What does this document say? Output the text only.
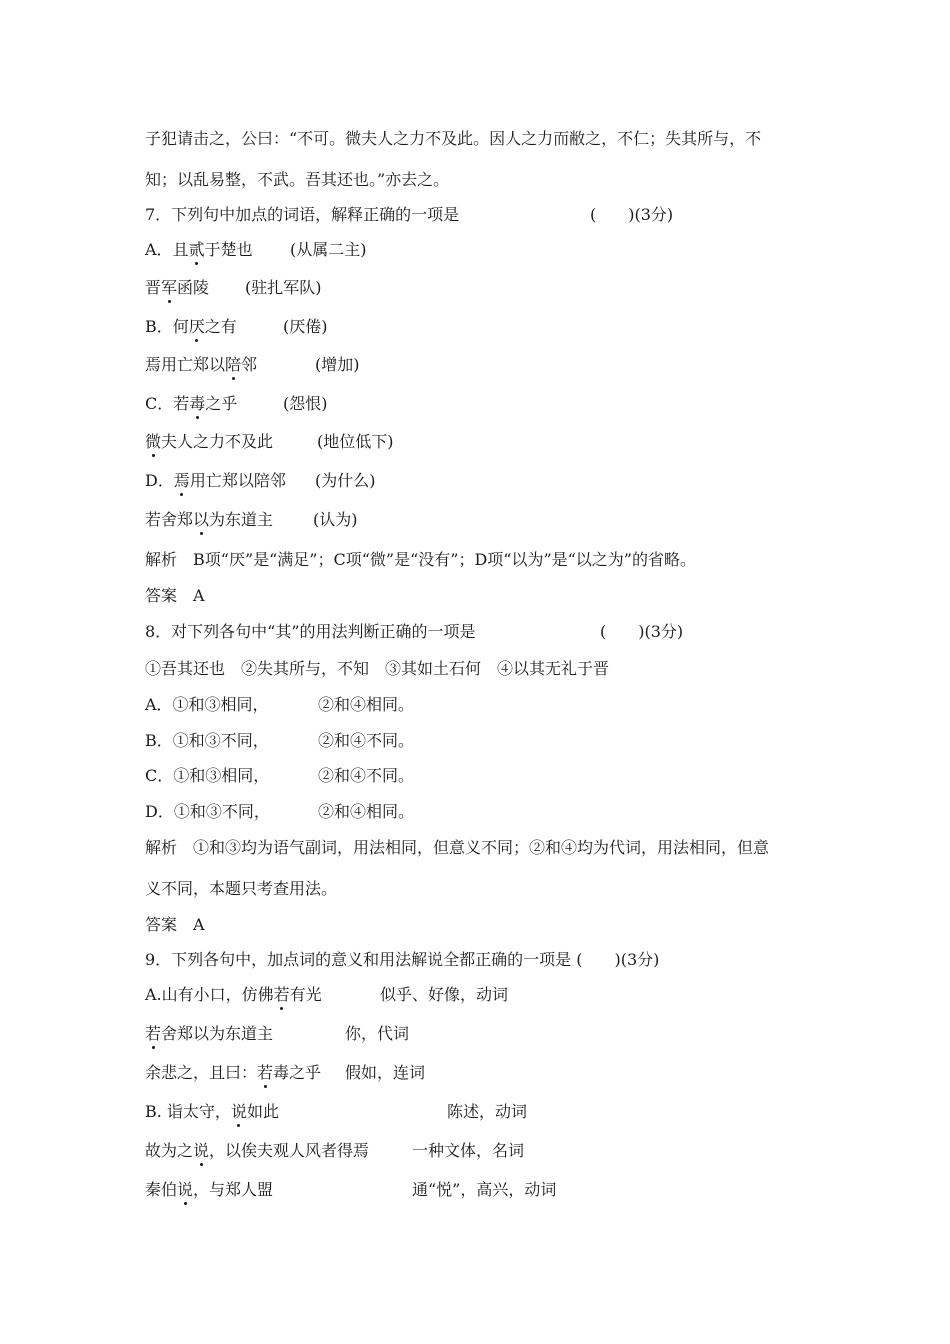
子犯请击之，公曰：“不可。微夫人之力不及此。因人之力而敝之，不仁；失其所与，不
知；以乱易整，不武。吾其还也。”亦去之。
7．下列句中加点的词语，解释正确的一项是	(　　)(3分)
A．且贰于楚也 (从属二主)
晋军函陵 (驻扎军队)
B．何厌之有	(厌倦)
焉用亡郑以陪邻	(增加)
C．若毒之乎	(怨恨)
微夫人之力不及此	(地位低下)
D．焉用亡郑以陪邻 (为什么)
若舍郑以为东道主 (认为)
解析　B项“厌”是“满足”；C项“微”是“没有”；D项“以为”是“以之为”的省略。
答案　A
8．对下列各句中“其”的用法判断正确的一项是	(　　)(3分)
①吾其还也　②失其所与，不知　③其如土石何　④以其无礼于晋
A．①和③相同，	②和④相同。
B．①和③不同，	②和④不同。
C．①和③相同，	②和④不同。
D．①和③不同，	②和④相同。
解析　①和③均为语气副词，用法相同，但意义不同；②和④均为代词，用法相同，但意
义不同，本题只考查用法。
答案　A
9．下列各句中，加点词的意义和用法解说全都正确的一项是 (　　)(3分)
A.山有小口，仿佛若有光	似乎、好像，动词
若舍郑以为东道主	你，代词
余悲之，且曰：若毒之乎 假如，连词
B. 诣太守，说如此	陈述，动词
故为之说，以俟夫观人风者得焉	一种文体，名词
秦伯说，与郑人盟	通“悦”，高兴，动词
